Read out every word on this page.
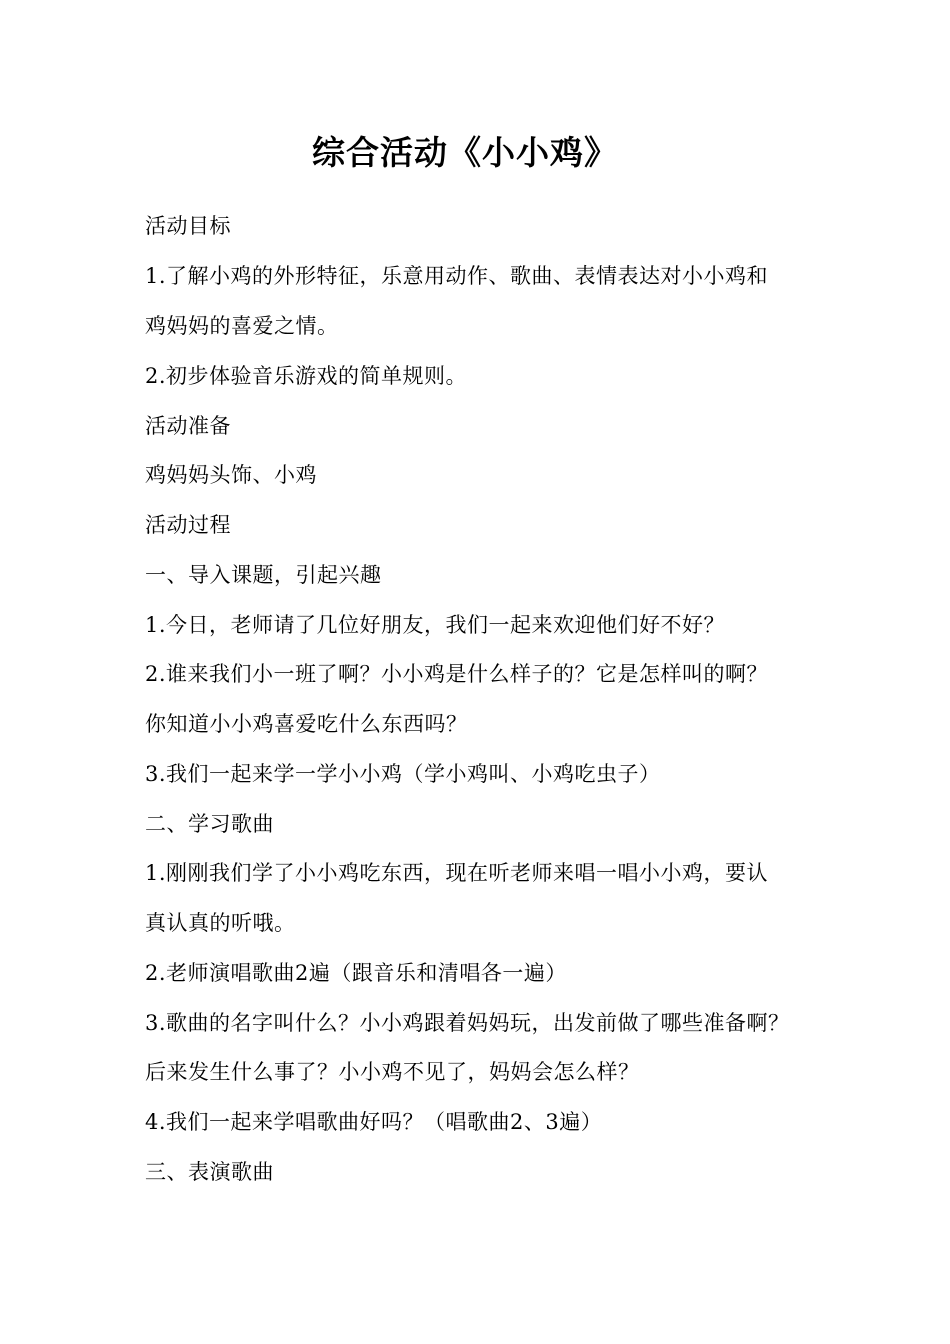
综合活动《小小鸡》
活动目标
1.了解小鸡的外形特征，乐意用动作、歌曲、表情表达对小小鸡和
鸡妈妈的喜爱之情。
2.初步体验音乐游戏的简单规则。
活动准备
鸡妈妈头饰、小鸡
活动过程
一、导入课题，引起兴趣
1.今日，老师请了几位好朋友，我们一起来欢迎他们好不好？
2.谁来我们小一班了啊？小小鸡是什么样子的？它是怎样叫的啊？
你知道小小鸡喜爱吃什么东西吗？
3.我们一起来学一学小小鸡（学小鸡叫、小鸡吃虫子）
二、学习歌曲
1.刚刚我们学了小小鸡吃东西，现在听老师来唱一唱小小鸡，要认
真认真的听哦。
2.老师演唱歌曲2遍（跟音乐和清唱各一遍）
3.歌曲的名字叫什么？小小鸡跟着妈妈玩，出发前做了哪些准备啊？
后来发生什么事了？小小鸡不见了，妈妈会怎么样？
4.我们一起来学唱歌曲好吗？（唱歌曲2、3遍）
三、表演歌曲
